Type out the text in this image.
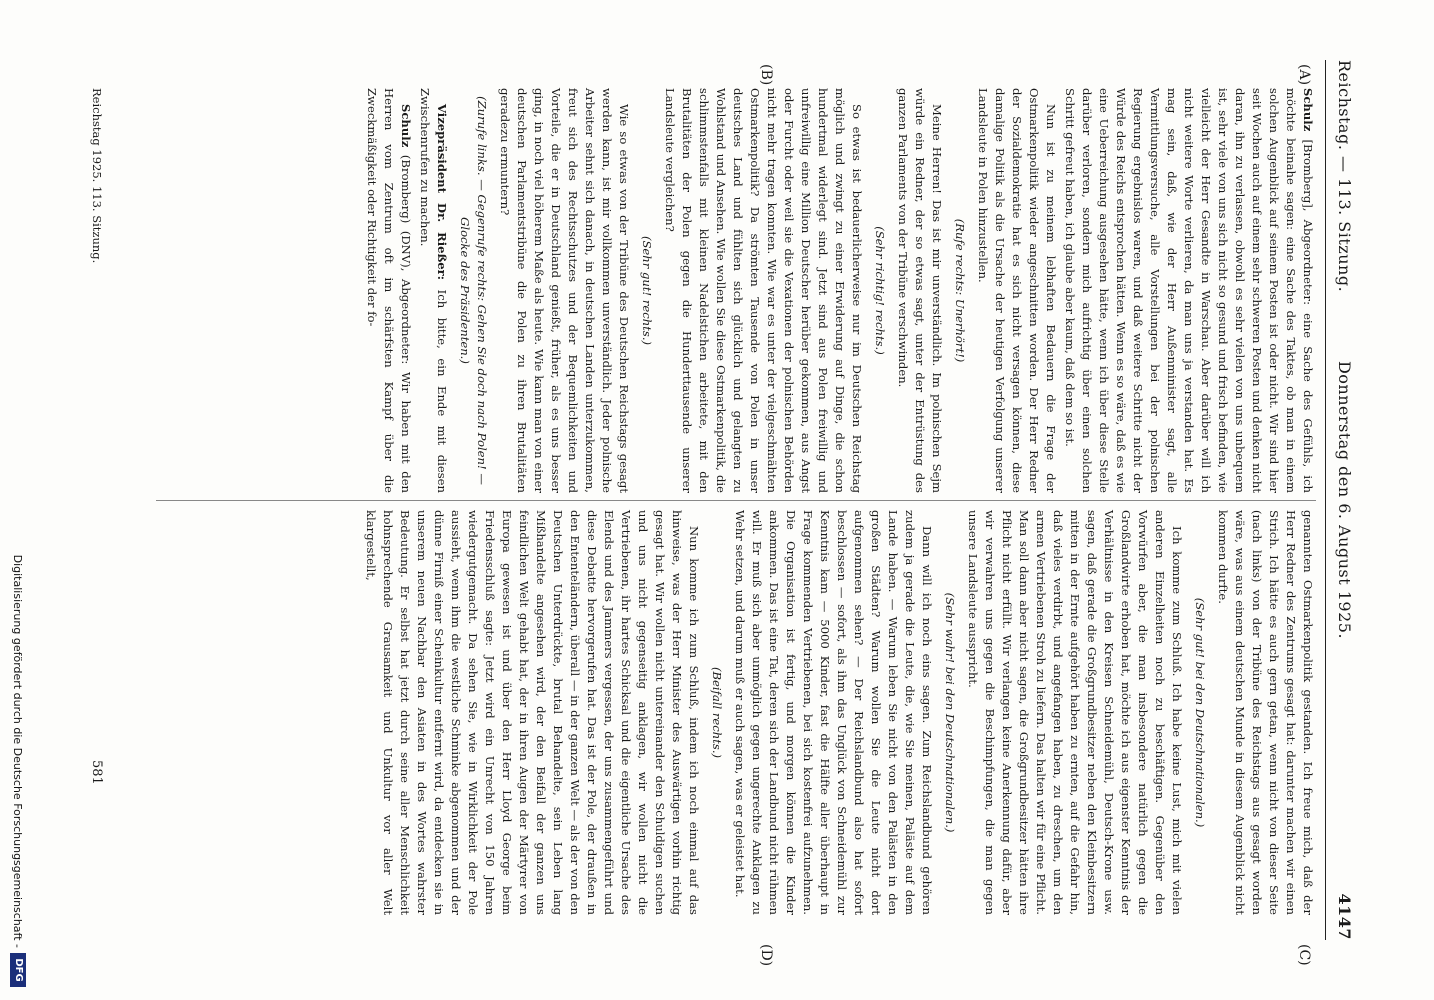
Reichstag. — 113. Sitzung.
Donnerstag den 6. August 1925.
4147
(A)
(B)
(C)
(D)

Schulz [Bromberg], Abgeordneter: eine Sache des Gefühls, ich möchte beinahe sagen: eine Sache des Taktes, ob man in einem solchen Augenblick auf seinem Posten ist oder nicht. Wir sind hier seit Wochen auch auf einem sehr schweren Posten und denken nicht daran, ihn zu verlassen, obwohl es sehr vielen von uns unbequem ist, sehr viele von uns sich nicht so gesund und frisch befinden, wie vielleicht der Herr Gesandte in Warschau. Aber darüber will ich nicht weitere Worte verlieren, da man uns ja verstanden hat. Es mag sein, daß, wie der Herr Außenminister sagt, alle Vermittlungsversuche, alle Vorstellungen bei der polnischen Regierung ergebnislos waren, und daß weitere Schritte nicht der Würde des Reichs entsprochen hätten. Wenn es so wäre, daß es wie eine Ueberreichung ausgesehen hätte, wenn ich über diese Stelle darüber verloren, sondern mich aufrichtig über einen solchen Schritt gefreut haben, ich glaube aber kaum, daß dem so ist.

Nun ist zu meinem lebhaften Bedauern die Frage der Ostmarkenpolitik wieder angeschnitten worden. Der Herr Redner der Sozialdemokratie hat es sich nicht versagen können, diese damalige Politik als die Ursache der heutigen Verfolgung unserer Landsleute in Polen hinzustellen.

(Rufe rechts: Unerhört!)

Meine Herren! Das ist mir unverständlich. Im polnischen Sejm würde ein Redner, der so etwas sagt, unter der Entrüstung des ganzen Parlaments von der Tribüne verschwinden.

(Sehr richtig! rechts.)

So etwas ist bedauerlicherweise nur im Deutschen Reichstag möglich und zwingt zu einer Erwiderung auf Dinge, die schon hundertmal widerlegt sind. Jetzt sind aus Polen freiwillig und unfreiwillig eine Million Deutscher herüber gekommen, aus Angst oder Furcht oder weil sie die Vexationen der polnischen Behörden nicht mehr tragen konnten. Wie war es unter der vielgeschmähten Ostmarkenpolitik? Da strömten Tausende von Polen in unser deutsches Land und fühlten sich glücklich und gelangten zu Wohlstand und Ansehen. Wie wollen Sie diese Ostmarkenpolitik, die schlimmstenfalls mit kleinen Nadelstichen arbeitete, mit den Brutalitäten der Polen gegen die Hunderttausende unserer Landsleute vergleichen?

(Sehr gut! rechts.)

Wie so etwas von der Tribüne des Deutschen Reichstags gesagt werden kann, ist mir vollkommen unverständlich. Jeder polnische Arbeiter sehnt sich danach, in deutschen Landen unterzukommen, freut sich des Rechtsschutzes und der Bequemlichkeiten und Vorteile, die er in Deutschland genießt, früher, als es uns besser ging, in noch viel höherem Maße als heute. Wie kann man von einer deutschen Parlamentstribüne die Polen zu ihren Brutalitäten geradezu ermuntern?

(Zurufe links. — Gegenrufe rechts: Gehen Sie doch nach Polen! — Glocke des Präsidenten.)

Vizepräsident Dr. Rießer: Ich bitte, ein Ende mit diesen Zwischenrufen zu machen.

Schulz (Bromberg) (DNV), Abgeordneter: Wir haben mit den Herren vom Zentrum oft im schärfsten Kampf über die Zweckmäßigkeit oder Richtigkeit der fo-

genannten Ostmarkenpolitik gestanden. Ich freue mich, daß der Herr Redner des Zentrums gesagt hat: darunter machen wir einen Strich. Ich hätte es auch gern getan, wenn nicht von dieser Seite (nach links) von der Tribüne des Reichstags aus gesagt worden wäre, was aus einem deutschen Munde in diesem Augenblick nicht kommen durfte.

(Sehr gut! bei den Deutschnationalen.)

Ich komme zum Schluß. Ich habe keine Lust, mich mit vielen anderen Einzelheiten noch zu beschäftigen. Gegenüber den Vorwürfen aber, die man insbesondere natürlich gegen die Großlandwirte erhoben hat, möchte ich aus eigenster Kenntnis der Verhältnisse in den Kreisen Schneidemühl, Deutsch-Krone usw. sagen, daß gerade die Großgrundbesitzer neben den Kleinbesitzern mitten in der Ernte aufgehört haben zu ernten, auf die Gefahr hin, daß vieles verdirbt, und angefangen haben, zu dreschen, um den armen Vertriebenen Stroh zu liefern. Das halten wir für eine Pflicht. Man soll dann aber nicht sagen, die Großgrundbesitzer hätten ihre Pflicht nicht erfüllt. Wir verlangen keine Anerkennung dafür, aber wir verwahren uns gegen die Beschimpfungen, die man gegen unsere Landsleute ausspricht.

(Sehr wahr! bei den Deutschnationalen.)

Dann will ich noch eins sagen. Zum Reichslandbund gehören zudem ja gerade die Leute, die, wie Sie meinen, Paläste auf dem Lande haben. — Warum leben Sie nicht von den Palästen in den großen Städten? Warum wollen Sie die Leute nicht dort aufgenommen sehen? — Der Reichslandbund also hat sofort beschlossen — sofort, als ihm das Unglück von Schneidemühl zur Kenntnis kam — 5000 Kinder, fast die Hälfte aller überhaupt in Frage kommenden Vertriebenen, bei sich kostenfrei aufzunehmen. Die Organisation ist fertig, und morgen können die Kinder ankommen. Das ist eine Tat, deren sich der Landbund nicht rühmen will. Er muß sich aber unmöglich gegen ungerechte Anklagen zu Wehr setzen, und darum muß er auch sagen, was er geleistet hat.

(Beifall rechts.)

Nun komme ich zum Schluß, indem ich noch einmal auf das hinweise, was der Herr Minister des Auswärtigen vorhin richtig gesagt hat. Wir wollen nicht untereinander den Schuldigen suchen und uns nicht gegenseitig anklagen, wir wollen nicht die Vertriebenen, ihr hartes Schicksal und die eigentliche Ursache des Elends und des Jammers vergessen, der uns zusammengeführt und diese Debatte hervorgerufen hat. Das ist der Pole, der draußen in den Ententeländern, überall — in der ganzen Welt — als der von den Deutschen Unterdrückte, brutal Behandelte, sein Leben lang Mißhandelte angesehen wird, der den Beifall der ganzen uns feindlichen Welt gehabt hat, der in ihren Augen der Märtyrer von Europa gewesen ist und über den Herr Lloyd George beim Friedensschluß sagte: Jetzt wird ein Unrecht von 150 Jahren wiedergutgemacht. Da sehen Sie, wie in Wirklichkeit der Pole aussieht, wenn ihm die westliche Schminke abgenommen und der dünne Firniß einer Scheinkultur entfernt wird, da entdecken sie in unserem neuen Nachbar den Asiaten in des Wortes wahrster Bedeutung. Er selbst hat jetzt durch seine aller Menschlichkeit hohnsprechende Grausamkeit und Unkultur vor aller Welt klargestellt,

Reichstag 1925. 113. Sitzung.
581
Digitalisierung gefördert durch die Deutsche Forschungsgemeinschaft -
DFG
